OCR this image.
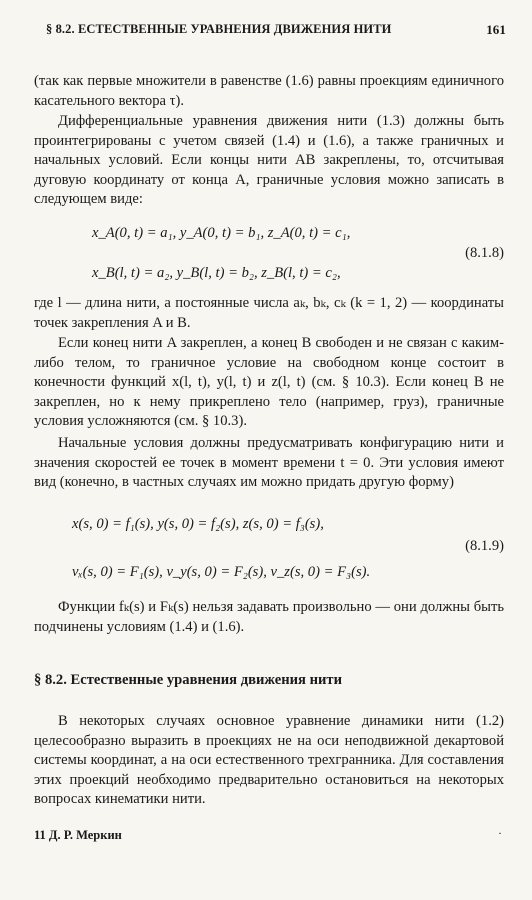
§ 8.2. ЕСТЕСТВЕННЫЕ УРАВНЕНИЯ ДВИЖЕНИЯ НИТИ	161

(так как первые множители в равенстве (1.6) равны проекциям единичного касательного вектора τ).

Дифференциальные уравнения движения нити (1.3) должны быть проинтегрированы с учетом связей (1.4) и (1.6), а также граничных и начальных условий. Если концы нити AB закреплены, то, отсчитывая дуговую координату от конца A, граничные условия можно записать в следующем виде:

x_A(0, t) = a₁, y_A(0, t) = b₁, z_A(0, t) = c₁,
(8.1.8)
x_B(l, t) = a₂, y_B(l, t) = b₂, z_B(l, t) = c₂,

где l — длина нити, а постоянные числа aₖ, bₖ, cₖ (k = 1, 2) — координаты точек закрепления A и B.

Если конец нити A закреплен, а конец B свободен и не связан с каким-либо телом, то граничное условие на свободном конце состоит в конечности функций x(l, t), y(l, t) и z(l, t) (см. § 10.3). Если конец B не закреплен, но к нему прикреплено тело (например, груз), граничные условия усложняются (см. § 10.3).

Начальные условия должны предусматривать конфигурацию нити и значения скоростей ее точек в момент времени t = 0. Эти условия имеют вид (конечно, в частных случаях им можно придать другую форму)

x(s, 0) = f₁(s), y(s, 0) = f₂(s), z(s, 0) = f₃(s),
(8.1.9)
vₓ(s, 0) = F₁(s), v_y(s, 0) = F₂(s), v_z(s, 0) = F₃(s).

Функции fₖ(s) и Fₖ(s) нельзя задавать произвольно — они должны быть подчинены условиям (1.4) и (1.6).

§ 8.2. Естественные уравнения движения нити

В некоторых случаях основное уравнение динамики нити (1.2) целесообразно выразить в проекциях не на оси неподвижной декартовой системы координат, а на оси естественного трехгранника. Для составления этих проекций необходимо предварительно остановиться на некоторых вопросах кинематики нити.

11 Д. Р. Меркин	·
